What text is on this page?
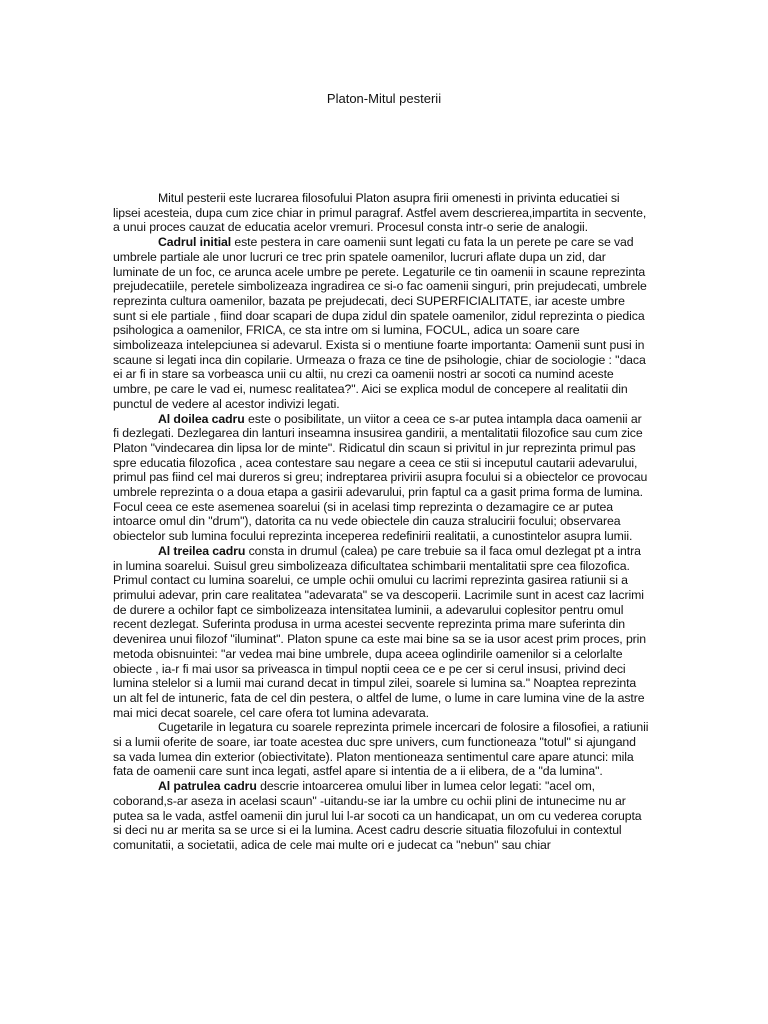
Platon-Mitul pesterii

Mitul pesterii este lucrarea filosofului Platon asupra firii omenesti in privinta educatiei si lipsei acesteia, dupa cum zice chiar in primul paragraf. Astfel avem descrierea,impartita in secvente, a unui proces cauzat de educatia acelor vremuri. Procesul consta intr-o serie de analogii.

Cadrul initial este pestera in care oamenii sunt legati cu fata la un perete pe care se vad umbrele partiale ale unor lucruri ce trec prin spatele oamenilor, lucruri aflate dupa un zid, dar luminate de un foc, ce arunca acele umbre pe perete. Legaturile ce tin oamenii in scaune reprezinta prejudecatiile, peretele simbolizeaza ingradirea ce si-o fac oamenii singuri, prin prejudecati, umbrele reprezinta cultura oamenilor, bazata pe prejudecati, deci SUPERFICIALITATE, iar aceste umbre sunt si ele partiale , fiind doar scapari de dupa zidul din spatele oamenilor, zidul reprezinta o piedica psihologica a oamenilor, FRICA, ce sta intre om si lumina, FOCUL, adica un soare care simbolizeaza intelepciunea si adevarul. Exista si o mentiune foarte importanta: Oamenii sunt pusi in scaune si legati inca din copilarie. Urmeaza o fraza ce tine de psihologie, chiar de sociologie : "daca ei ar fi in stare sa vorbeasca unii cu altii, nu crezi ca oamenii nostri ar socoti ca numind aceste umbre, pe care le vad ei, numesc realitatea?". Aici se explica modul de concepere al realitatii din punctul de vedere al acestor indivizi legati.

Al doilea cadru este o posibilitate, un viitor a ceea ce s-ar putea intampla daca oamenii ar fi dezlegati. Dezlegarea din lanturi inseamna insusirea gandirii, a mentalitatii filozofice sau cum zice Platon "vindecarea din lipsa lor de minte". Ridicatul din scaun si privitul in jur reprezinta primul pas spre educatia filozofica , acea contestare sau negare a ceea ce stii si inceputul cautarii adevarului, primul pas fiind cel mai dureros si greu; indreptarea privirii asupra focului si a obiectelor ce provocau umbrele reprezinta o a doua etapa a gasirii adevarului, prin faptul ca a gasit prima forma de lumina. Focul ceea ce este asemenea soarelui (si in acelasi timp reprezinta o dezamagire ce ar putea intoarce omul din "drum"), datorita ca nu vede obiectele din cauza stralucirii focului; observarea obiectelor sub lumina focului reprezinta inceperea redefinirii realitatii, a cunostintelor asupra lumii.

Al treilea cadru consta in drumul (calea) pe care trebuie sa il faca omul dezlegat pt a intra in lumina soarelui. Suisul greu simbolizeaza dificultatea schimbarii mentalitatii spre cea filozofica. Primul contact cu lumina soarelui, ce umple ochii omului cu lacrimi reprezinta gasirea ratiunii si a primului adevar, prin care realitatea "adevarata" se va descoperii. Lacrimile sunt in acest caz lacrimi de durere a ochilor fapt ce simbolizeaza intensitatea luminii, a adevarului coplesitor pentru omul recent dezlegat. Suferinta produsa in urma acestei secvente reprezinta prima mare suferinta din devenirea unui filozof "iluminat". Platon spune ca este mai bine sa se ia usor acest prim proces, prin metoda obisnuintei: "ar vedea mai bine umbrele, dupa aceea oglindirile oamenilor si a celorlalte obiecte , ia-r fi mai usor sa priveasca in timpul noptii ceea ce e pe cer si cerul insusi, privind deci lumina stelelor si a lumii mai curand decat in timpul zilei, soarele si lumina sa." Noaptea reprezinta un alt fel de intuneric, fata de cel din pestera, o altfel de lume, o lume in care lumina vine de la astre mai mici decat soarele, cel care ofera tot lumina adevarata.

Cugetarile in legatura cu soarele reprezinta primele incercari de folosire a filosofiei, a ratiunii si a lumii oferite de soare, iar toate acestea duc spre univers, cum functioneaza "totul" si ajungand sa vada lumea din exterior (obiectivitate). Platon mentioneaza sentimentul care apare atunci: mila fata de oamenii care sunt inca legati, astfel apare si intentia de a ii elibera, de a "da lumina".

Al patrulea cadru descrie intoarcerea omului liber in lumea celor legati: "acel om, coborand,s-ar aseza in acelasi scaun" -uitandu-se iar la umbre cu ochii plini de intunecime nu ar putea sa le vada, astfel oamenii din jurul lui l-ar socoti ca un handicapat, un om cu vederea corupta si deci nu ar merita sa se urce si ei la lumina. Acest cadru descrie situatia filozofului in contextul comunitatii, a societatii, adica de cele mai multe ori e judecat ca "nebun" sau chiar
